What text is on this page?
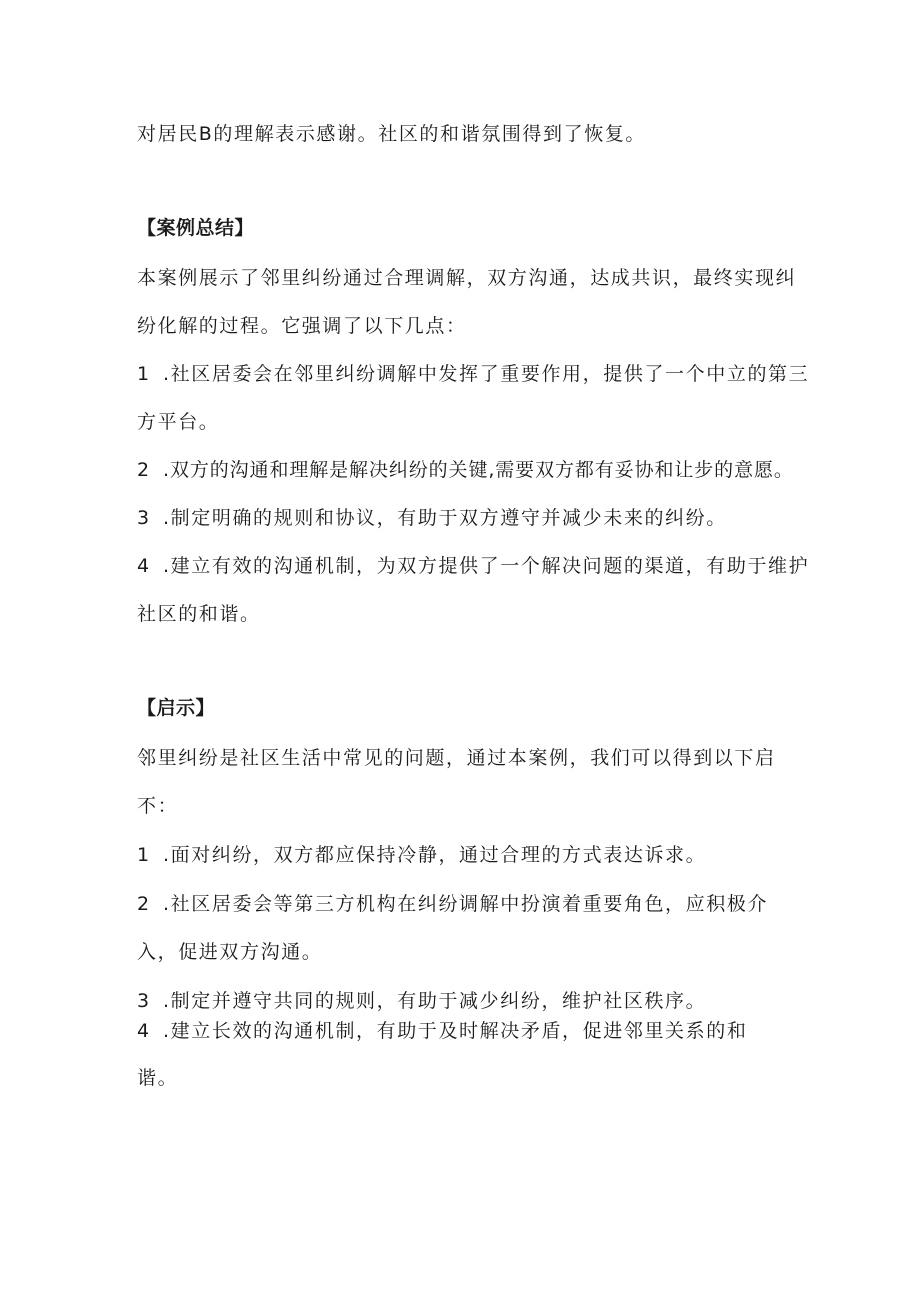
对居民B的理解表示感谢。社区的和谐氛围得到了恢复。
【案例总结】
本案例展示了邻里纠纷通过合理调解，双方沟通，达成共识，最终实现纠
纷化解的过程。它强调了以下几点：
1 .社区居委会在邻里纠纷调解中发挥了重要作用，提供了一个中立的第三
方平台。
2 .双方的沟通和理解是解决纠纷的关键,需要双方都有妥协和让步的意愿。
3 .制定明确的规则和协议，有助于双方遵守并减少未来的纠纷。
4 .建立有效的沟通机制，为双方提供了一个解决问题的渠道，有助于维护
社区的和谐。
【启示】
邻里纠纷是社区生活中常见的问题，通过本案例，我们可以得到以下启
不：
1 .面对纠纷，双方都应保持冷静，通过合理的方式表达诉求。
2 .社区居委会等第三方机构在纠纷调解中扮演着重要角色，应积极介
入，促进双方沟通。
3 .制定并遵守共同的规则，有助于减少纠纷，维护社区秩序。
4 .建立长效的沟通机制，有助于及时解决矛盾，促进邻里关系的和
谐。
